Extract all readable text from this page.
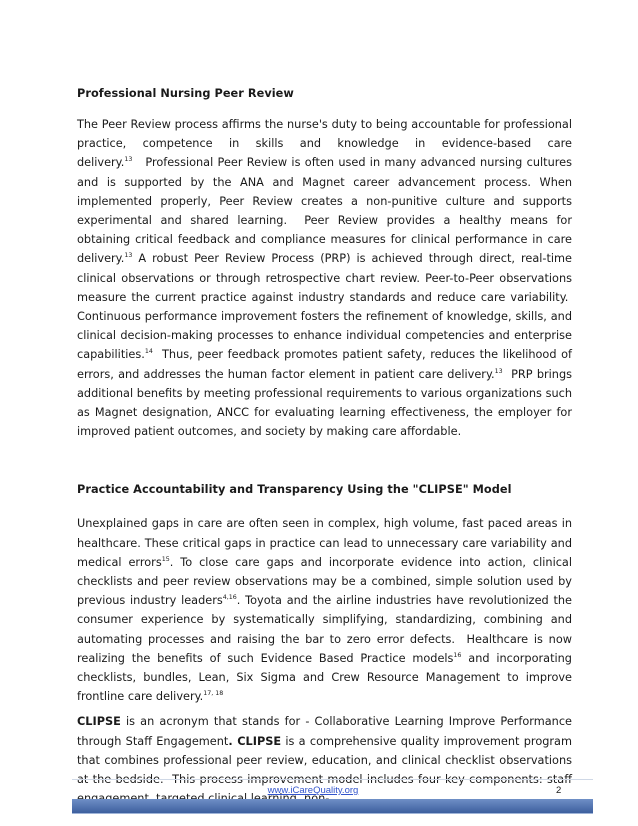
Professional Nursing Peer Review
The Peer Review process affirms the nurse's duty to being accountable for professional practice, competence in skills and knowledge in evidence-based care delivery.$^{13}$   Professional Peer Review is often used in many advanced nursing cultures and is supported by the ANA and Magnet career advancement process. When implemented properly, Peer Review creates a non-punitive culture and supports experimental and shared learning.  Peer Review provides a healthy means for obtaining critical feedback and compliance measures for clinical performance in care delivery.$^{13}$ A robust Peer Review Process (PRP) is achieved through direct, real-time clinical observations or through retrospective chart review. Peer-to-Peer observations measure the current practice against industry standards and reduce care variability.  Continuous performance improvement fosters the refinement of knowledge, skills, and clinical decision-making processes to enhance individual competencies and enterprise capabilities.$^{14}$  Thus, peer feedback promotes patient safety, reduces the likelihood of errors, and addresses the human factor element in patient care delivery.$^{13}$  PRP brings additional benefits by meeting professional requirements to various organizations such as Magnet designation, ANCC for evaluating learning effectiveness, the employer for improved patient outcomes, and society by making care affordable.
Practice Accountability and Transparency Using the "CLIPSE" Model
Unexplained gaps in care are often seen in complex, high volume, fast paced areas in healthcare. These critical gaps in practice can lead to unnecessary care variability and medical errors$^{15}$. To close care gaps and incorporate evidence into action, clinical checklists and peer review observations may be a combined, simple solution used by previous industry leaders$^{4,16}$. Toyota and the airline industries have revolutionized the consumer experience by systematically simplifying, standardizing, combining and automating processes and raising the bar to zero error defects.  Healthcare is now realizing the benefits of such Evidence Based Practice models$^{16}$ and incorporating checklists, bundles, Lean, Six Sigma and Crew Resource Management to improve frontline care delivery.$^{17, 18}$
CLIPSE is an acronym that stands for - Collaborative Learning Improve Performance through Staff Engagement. CLIPSE is a comprehensive quality improvement program that combines professional peer review, education, and clinical checklist observations at the bedside.  This process improvement model includes four key components: staff
www.iCareQuality.org	2
